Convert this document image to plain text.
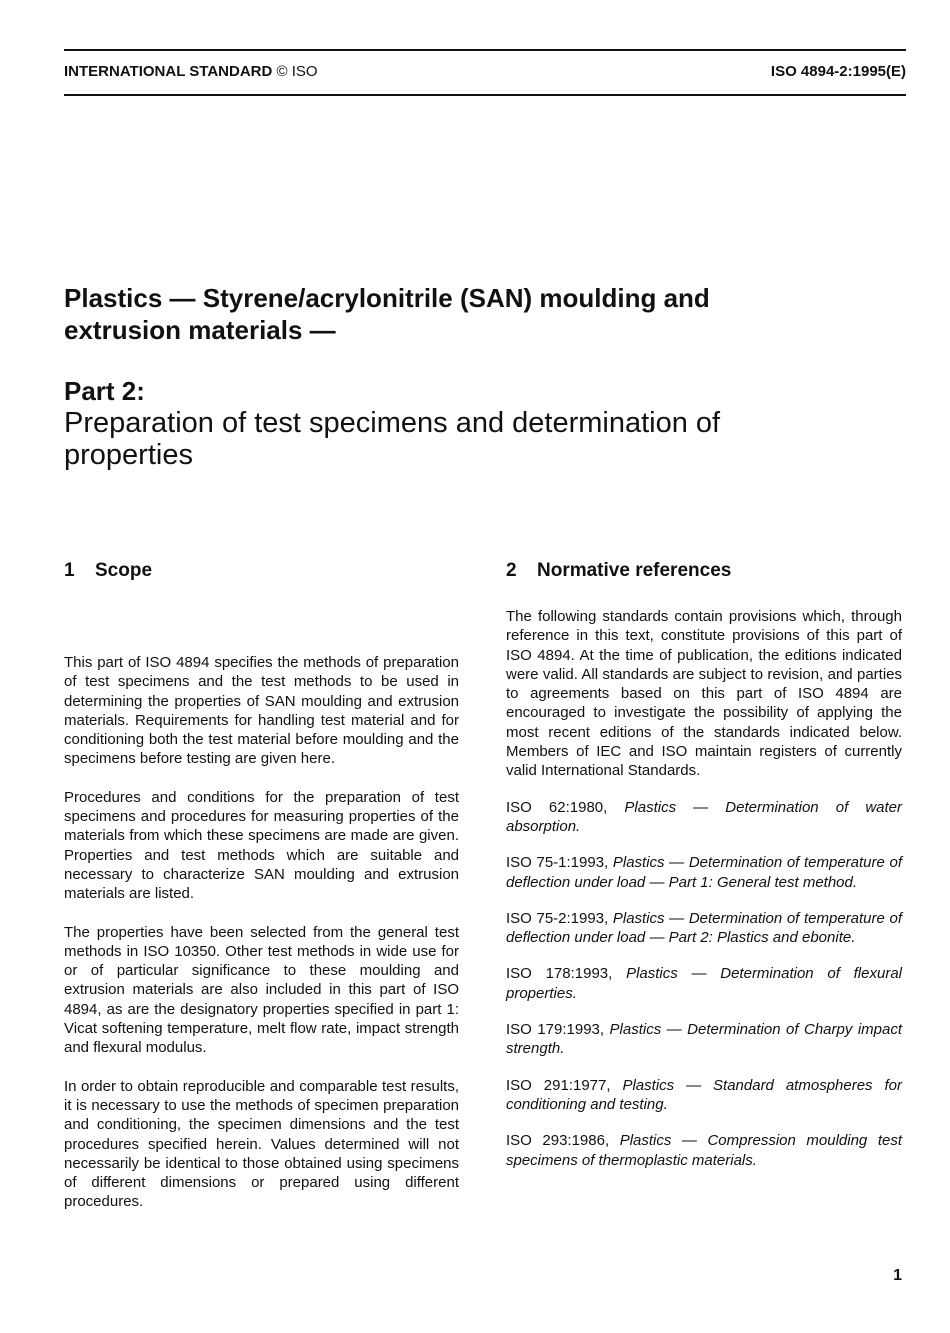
INTERNATIONAL STANDARD © ISO	ISO 4894-2:1995(E)
Plastics — Styrene/acrylonitrile (SAN) moulding and
extrusion materials —
Part 2:
Preparation of test specimens and determination of
properties
1 Scope

This part of ISO 4894 specifies the methods of preparation of test specimens and the test methods to be used in determining the properties of SAN moulding and extrusion materials. Requirements for handling test material and for conditioning both the test material before moulding and the specimens before testing are given here.

Procedures and conditions for the preparation of test specimens and procedures for measuring properties of the materials from which these specimens are made are given. Properties and test methods which are suitable and necessary to characterize SAN moulding and extrusion materials are listed.

The properties have been selected from the general test methods in ISO 10350. Other test methods in wide use for or of particular significance to these moulding and extrusion materials are also included in this part of ISO 4894, as are the designatory properties specified in part 1: Vicat softening temperature, melt flow rate, impact strength and flexural modulus.

In order to obtain reproducible and comparable test results, it is necessary to use the methods of specimen preparation and conditioning, the specimen dimensions and the test procedures specified herein. Values determined will not necessarily be identical to those obtained using specimens of different dimensions or prepared using different procedures.

2 Normative references

The following standards contain provisions which, through reference in this text, constitute provisions of this part of ISO 4894. At the time of publication, the editions indicated were valid. All standards are subject to revision, and parties to agreements based on this part of ISO 4894 are encouraged to investigate the possibility of applying the most recent editions of the standards indicated below. Members of IEC and ISO maintain registers of currently valid International Standards.

ISO 62:1980, Plastics — Determination of water absorption.

ISO 75-1:1993, Plastics — Determination of temperature of deflection under load — Part 1: General test method.

ISO 75-2:1993, Plastics — Determination of temperature of deflection under load — Part 2: Plastics and ebonite.

ISO 178:1993, Plastics — Determination of flexural properties.

ISO 179:1993, Plastics — Determination of Charpy impact strength.

ISO 291:1977, Plastics — Standard atmospheres for conditioning and testing.

ISO 293:1986, Plastics — Compression moulding test specimens of thermoplastic materials.

1
